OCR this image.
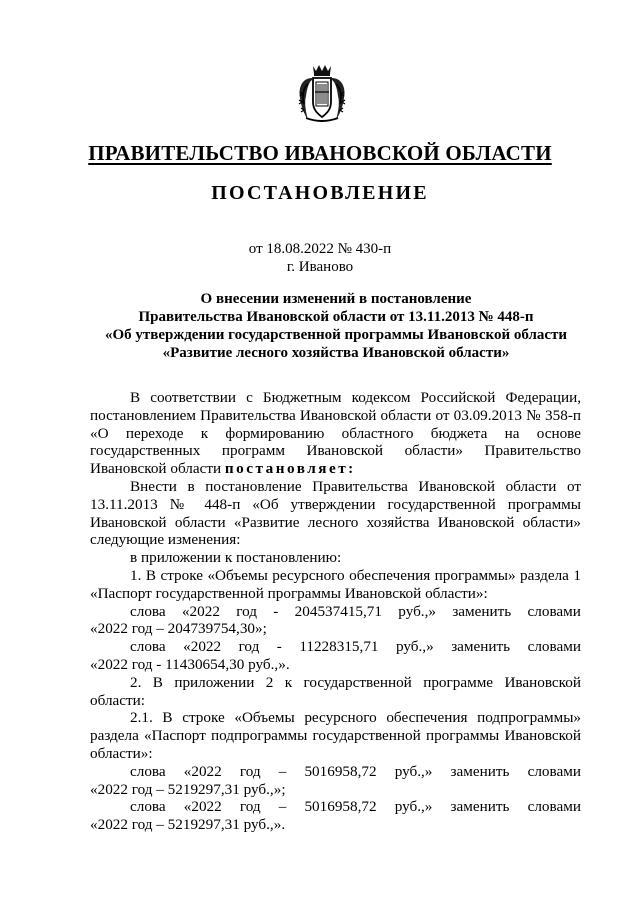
ПРАВИТЕЛЬСТВО ИВАНОВСКОЙ ОБЛАСТИ
ПОСТАНОВЛЕНИЕ
от 18.08.2022 № 430-п
г. Иваново
О внесении изменений в постановление
Правительства Ивановской области от 13.11.2013 № 448-п
«Об утверждении государственной программы Ивановской области
«Развитие лесного хозяйства Ивановской области»

В соответствии с Бюджетным кодексом Российской Федерации, постановлением Правительства Ивановской области от 03.09.2013 № 358-п «О переходе к формированию областного бюджета на основе государственных программ Ивановской области» Правительство Ивановской области постановляет:

Внести в постановление Правительства Ивановской области от 13.11.2013 № 448-п «Об утверждении государственной программы Ивановской области «Развитие лесного хозяйства Ивановской области» следующие изменения:

в приложении к постановлению:

1. В строке «Объемы ресурсного обеспечения программы» раздела 1 «Паспорт государственной программы Ивановской области»:

слова «2022 год - 204537415,71 руб.,» заменить словами
«2022 год – 204739754,30»;
слова «2022 год - 11228315,71 руб.,» заменить словами
«2022 год - 11430654,30 руб.,».

2. В приложении 2 к государственной программе Ивановской области:

2.1. В строке «Объемы ресурсного обеспечения подпрограммы» раздела «Паспорт подпрограммы государственной программы Ивановской области»:

слова «2022 год – 5016958,72 руб.,» заменить словами
«2022 год – 5219297,31 руб.,»;
слова «2022 год – 5016958,72 руб.,» заменить словами
«2022 год – 5219297,31 руб.,».
